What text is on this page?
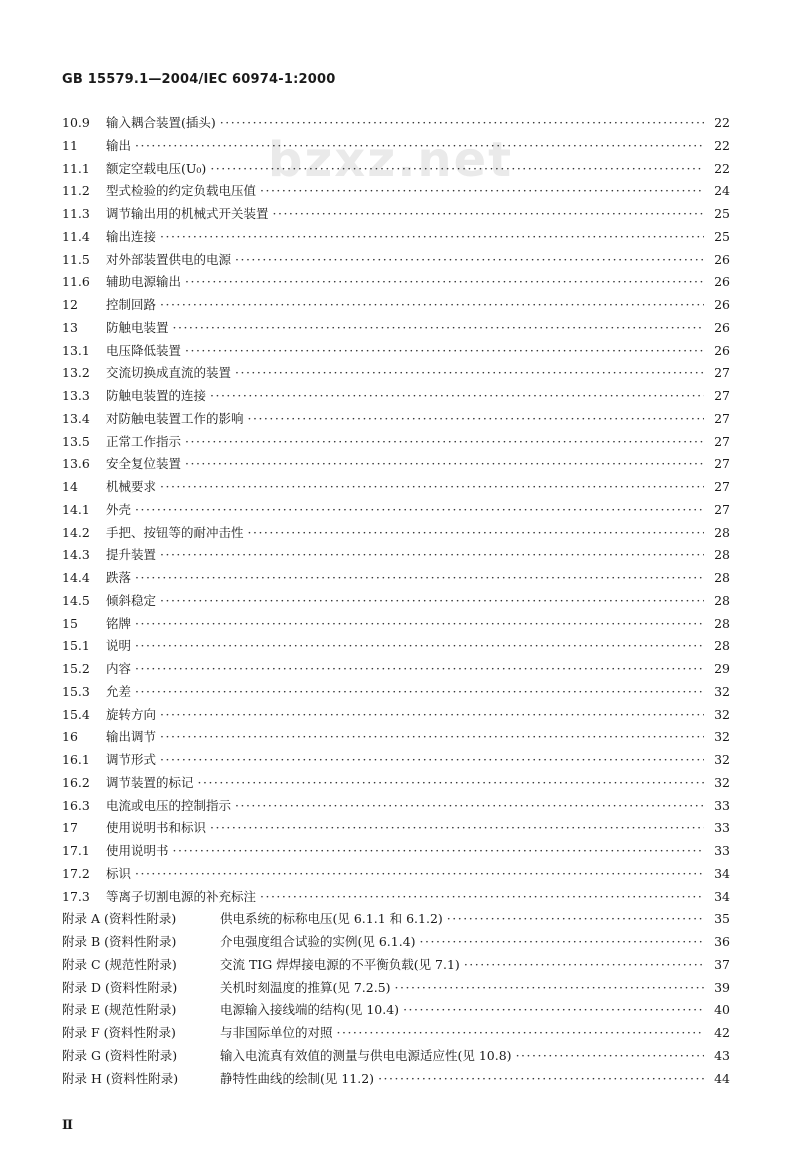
GB 15579.1—2004/IEC 60974-1:2000
bzxz.net
10.9	输入耦合装置(插头) ·····	22
11	输出 ·····	22
11.1	额定空载电压(U₀) ·····	22
11.2	型式检验的约定负载电压值 ·····	24
11.3	调节输出用的机械式开关装置 ·····	25
11.4	输出连接 ·····	25
11.5	对外部装置供电的电源 ·····	26
11.6	辅助电源输出 ·····	26
12	控制回路 ·····	26
13	防触电装置 ·····	26
13.1	电压降低装置 ·····	26
13.2	交流切换成直流的装置 ·····	27
13.3	防触电装置的连接 ·····	27
13.4	对防触电装置工作的影响 ·····	27
13.5	正常工作指示 ·····	27
13.6	安全复位装置 ·····	27
14	机械要求 ·····	27
14.1	外壳 ·····	27
14.2	手把、按钮等的耐冲击性 ·····	28
14.3	提升装置 ·····	28
14.4	跌落 ·····	28
14.5	倾斜稳定 ·····	28
15	铭牌 ·····	28
15.1	说明 ·····	28
15.2	内容 ·····	29
15.3	允差 ·····	32
15.4	旋转方向 ·····	32
16	输出调节 ·····	32
16.1	调节形式 ·····	32
16.2	调节装置的标记 ·····	32
16.3	电流或电压的控制指示 ·····	33
17	使用说明书和标识 ·····	33
17.1	使用说明书 ·····	33
17.2	标识 ·····	34
17.3	等离子切割电源的补充标注 ·····	34
附录 A (资料性附录)	供电系统的标称电压(见 6.1.1 和 6.1.2) ·····	35
附录 B (资料性附录)	介电强度组合试验的实例(见 6.1.4) ·····	36
附录 C (规范性附录)	交流 TIG 焊焊接电源的不平衡负载(见 7.1) ·····	37
附录 D (资料性附录)	关机时刻温度的推算(见 7.2.5) ·····	39
附录 E (规范性附录)	电源输入接线端的结构(见 10.4) ·····	40
附录 F (资料性附录)	与非国际单位的对照 ·····	42
附录 G (资料性附录)	输入电流真有效值的测量与供电电源适应性(见 10.8) ·····	43
附录 H (资料性附录)	静特性曲线的绘制(见 11.2) ·····	44
Ⅱ
